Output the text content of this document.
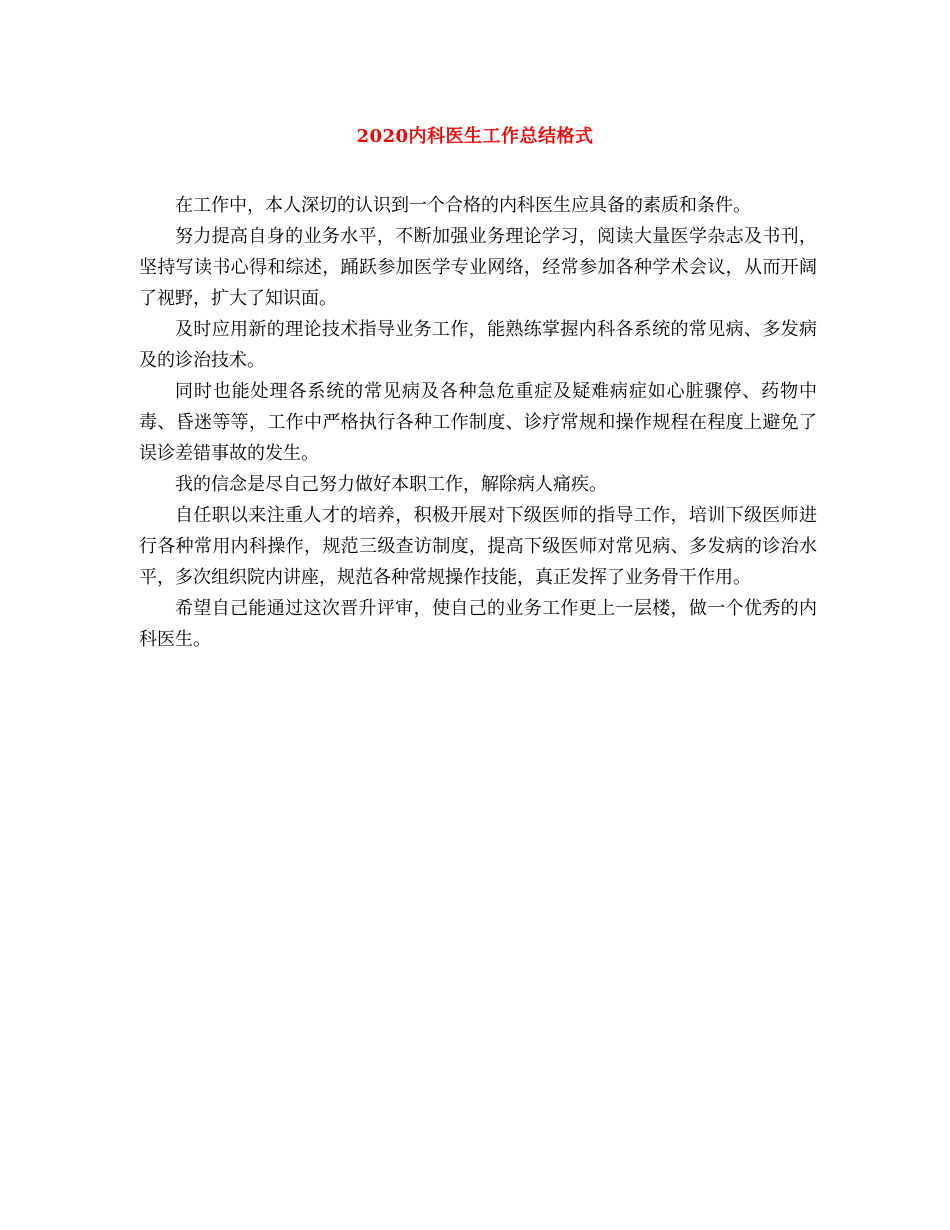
2020内科医生工作总结格式

在工作中，本人深切的认识到一个合格的内科医生应具备的素质和条件。

努力提高自身的业务水平，不断加强业务理论学习，阅读大量医学杂志及书刊，坚持写读书心得和综述，踊跃参加医学专业网络，经常参加各种学术会议，从而开阔了视野，扩大了知识面。

及时应用新的理论技术指导业务工作，能熟练掌握内科各系统的常见病、多发病及的诊治技术。

同时也能处理各系统的常见病及各种急危重症及疑难病症如心脏骤停、药物中毒、昏迷等等，工作中严格执行各种工作制度、诊疗常规和操作规程在程度上避免了误诊差错事故的发生。

我的信念是尽自己努力做好本职工作，解除病人痛疾。

自任职以来注重人才的培养，积极开展对下级医师的指导工作，培训下级医师进行各种常用内科操作，规范三级查访制度，提高下级医师对常见病、多发病的诊治水平，多次组织院内讲座，规范各种常规操作技能，真正发挥了业务骨干作用。

希望自己能通过这次晋升评审，使自己的业务工作更上一层楼，做一个优秀的内科医生。
